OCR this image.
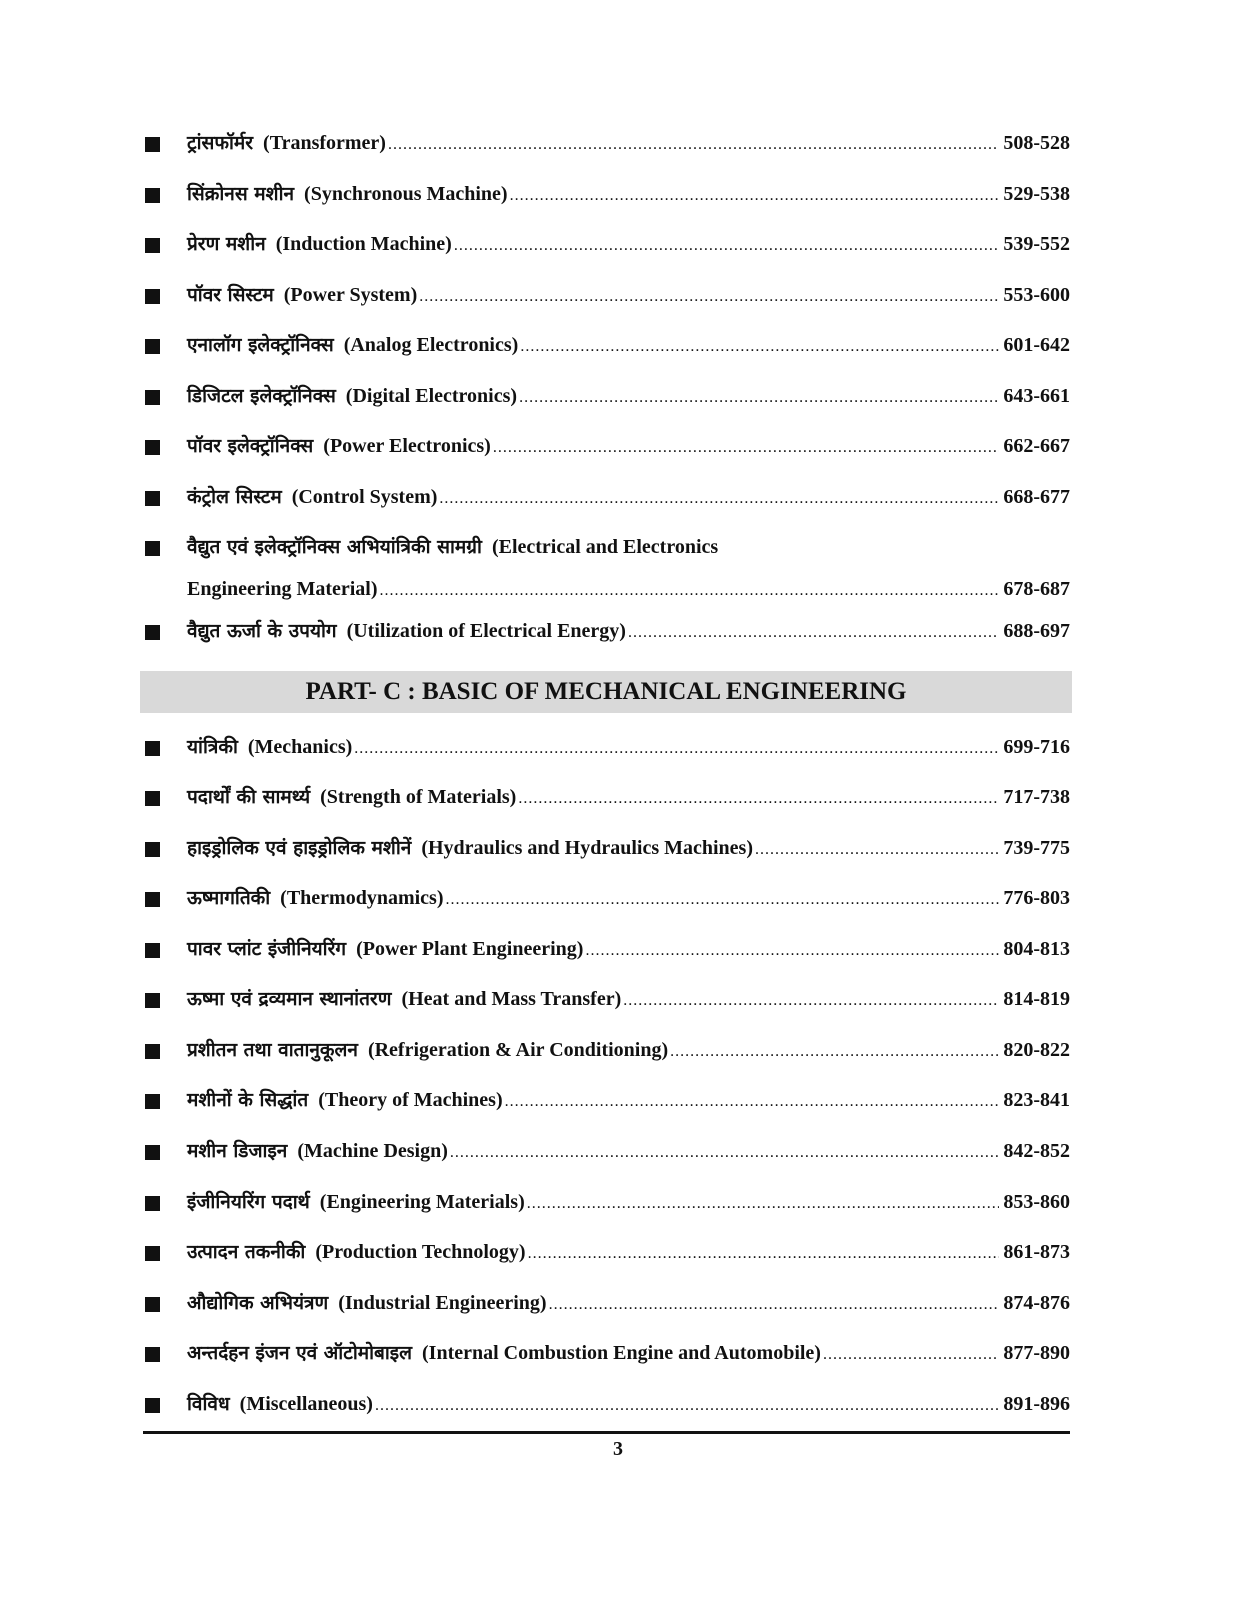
ट्रांसफॉर्मर (Transformer) .....	508-528
सिंक्रोनस मशीन (Synchronous Machine) .....	529-538
प्रेरण मशीन (Induction Machine) .....	539-552
पॉवर सिस्टम (Power System) .....	553-600
एनालॉग इलेक्ट्रॉनिक्स (Analog Electronics) .....	601-642
डिजिटल इलेक्ट्रॉनिक्स (Digital Electronics) .....	643-661
पॉवर इलेक्ट्रॉनिक्स (Power Electronics) .....	662-667
कंट्रोल सिस्टम (Control System) .....	668-677
वैद्युत एवं इलेक्ट्रॉनिक्स अभियांत्रिकी सामग्री (Electrical and Electronics
Engineering Material) .....	678-687
वैद्युत ऊर्जा के उपयोग (Utilization of Electrical Energy) .....	688-697
PART- C : BASIC OF MECHANICAL ENGINEERING
यांत्रिकी (Mechanics) .....	699-716
पदार्थों की सामर्थ्य (Strength of Materials) .....	717-738
हाइड्रोलिक एवं हाइड्रोलिक मशीनें (Hydraulics and Hydraulics Machines) .....	739-775
ऊष्मागतिकी (Thermodynamics) .....	776-803
पावर प्लांट इंजीनियरिंग (Power Plant Engineering) .....	804-813
ऊष्मा एवं द्रव्यमान स्थानांतरण (Heat and Mass Transfer) .....	814-819
प्रशीतन तथा वातानुकूलन (Refrigeration & Air Conditioning) .....	820-822
मशीनों के सिद्धांत (Theory of Machines) .....	823-841
मशीन डिजाइन (Machine Design) .....	842-852
इंजीनियरिंग पदार्थ (Engineering Materials) .....	853-860
उत्पादन तकनीकी (Production Technology) .....	861-873
औद्योगिक अभियंत्रण (Industrial Engineering) .....	874-876
अन्तर्दहन इंजन एवं ऑटोमोबाइल (Internal Combustion Engine and Automobile) .....	877-890
विविध (Miscellaneous) .....	891-896
3
